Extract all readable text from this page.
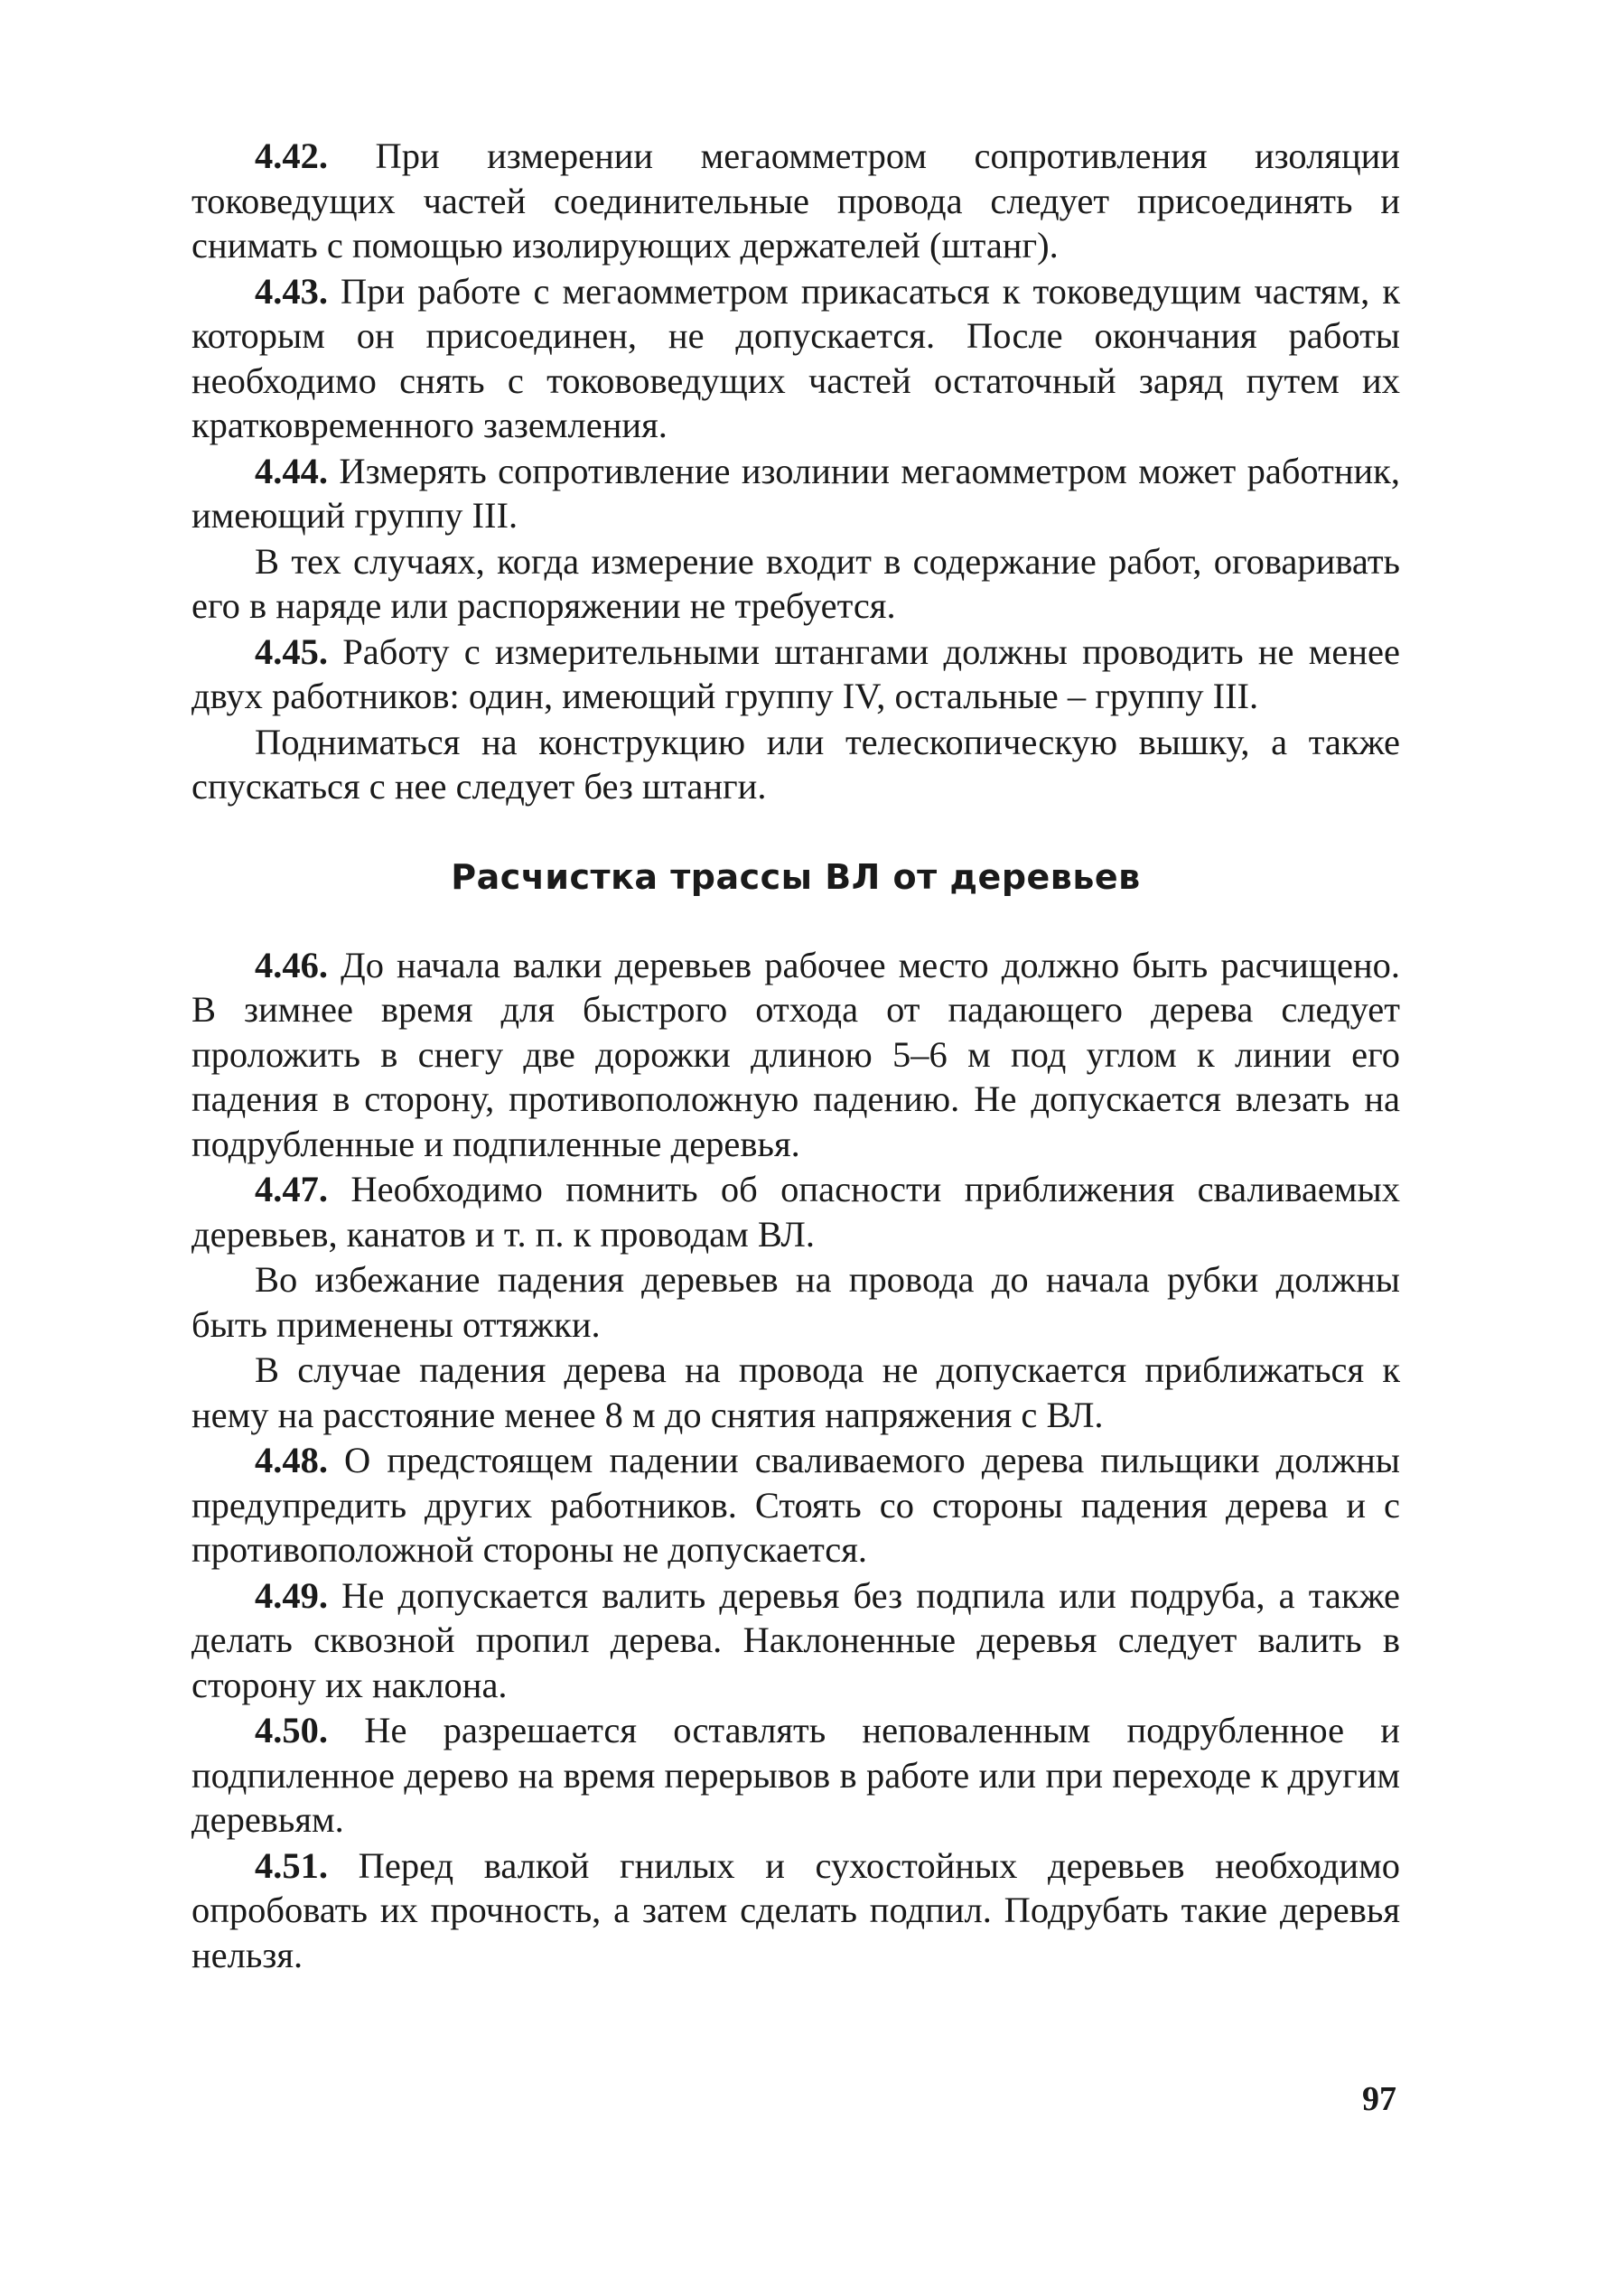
4.42. При измерении мегаомметром сопротивления изоляции токоведущих частей соединительные провода следует присоединять и снимать с помощью изолирующих держателей (штанг).

4.43. При работе с мегаомметром прикасаться к токоведущим частям, к которым он присоединен, не допускается. После окончания работы необходимо снять с токововедущих частей остаточный заряд путем их кратковременного заземления.

4.44. Измерять сопротивление изолинии мегаомметром может работник, имеющий группу III.

В тех случаях, когда измерение входит в содержание работ, оговаривать его в наряде или распоряжении не требуется.

4.45. Работу с измерительными штангами должны проводить не менее двух работников: один, имеющий группу IV, остальные – группу III.

Подниматься на конструкцию или телескопическую вышку, а также спускаться с нее следует без штанги.

Расчистка трассы ВЛ от деревьев

4.46. До начала валки деревьев рабочее место должно быть расчищено. В зимнее время для быстрого отхода от падающего дерева следует проложить в снегу две дорожки длиною 5–6 м под углом к линии его падения в сторону, противоположную падению. Не допускается влезать на подрубленные и подпиленные деревья.

4.47. Необходимо помнить об опасности приближения сваливаемых деревьев, канатов и т. п. к проводам ВЛ.

Во избежание падения деревьев на провода до начала рубки должны быть применены оттяжки.

В случае падения дерева на провода не допускается приближаться к нему на расстояние менее 8 м до снятия напряжения с ВЛ.

4.48. О предстоящем падении сваливаемого дерева пильщики должны предупредить других работников. Стоять со стороны падения дерева и с противоположной стороны не допускается.

4.49. Не допускается валить деревья без подпила или подруба, а также делать сквозной пропил дерева. Наклоненные деревья следует валить в сторону их наклона.

4.50. Не разрешается оставлять неповаленным подрубленное и подпиленное дерево на время перерывов в работе или при переходе к другим деревьям.

4.51. Перед валкой гнилых и сухостойных деревьев необходимо опробовать их прочность, а затем сделать подпил. Подрубать такие деревья нельзя.

97
